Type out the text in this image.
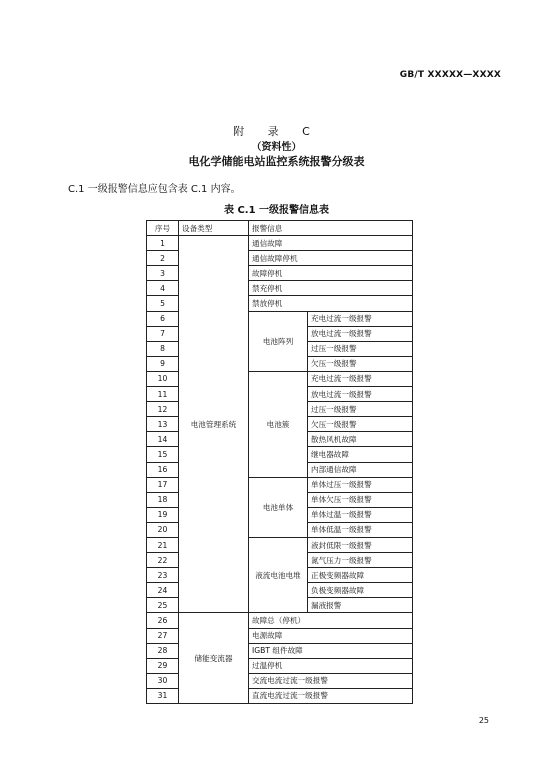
GB/T XXXXX—XXXX
附 录 C
（资料性）
电化学储能电站监控系统报警分级表
C.1 一级报警信息应包含表 C.1 内容。
表 C.1 一级报警信息表
序号	设备类型	报警信息	
1	电池管理系统	通信故障	
2		通信故障停机	
3		故障停机	
4		禁充停机	
5		禁放停机	
6		电池阵列	充电过流一级报警
7			放电过流一级报警
8			过压一级报警
9			欠压一级报警
10		电池簇	充电过流一级报警
11			放电过流一级报警
12			过压一级报警
13			欠压一级报警
14			散热风机故障
15			继电器故障
16			内部通信故障
17		电池单体	单体过压一级报警
18			单体欠压一级报警
19			单体过温一级报警
20			单体低温一级报警
21		液流电池电堆	液封低限一级报警
22			氮气压力一级报警
23			正极变频器故障
24			负极变频器故障
25			漏液报警
26	储能变流器	故障总（停机）	
27		电源故障	
28		IGBT 组件故障	
29		过温停机	
30		交流电流过流一级报警	
31		直流电流过流一级报警	
25
